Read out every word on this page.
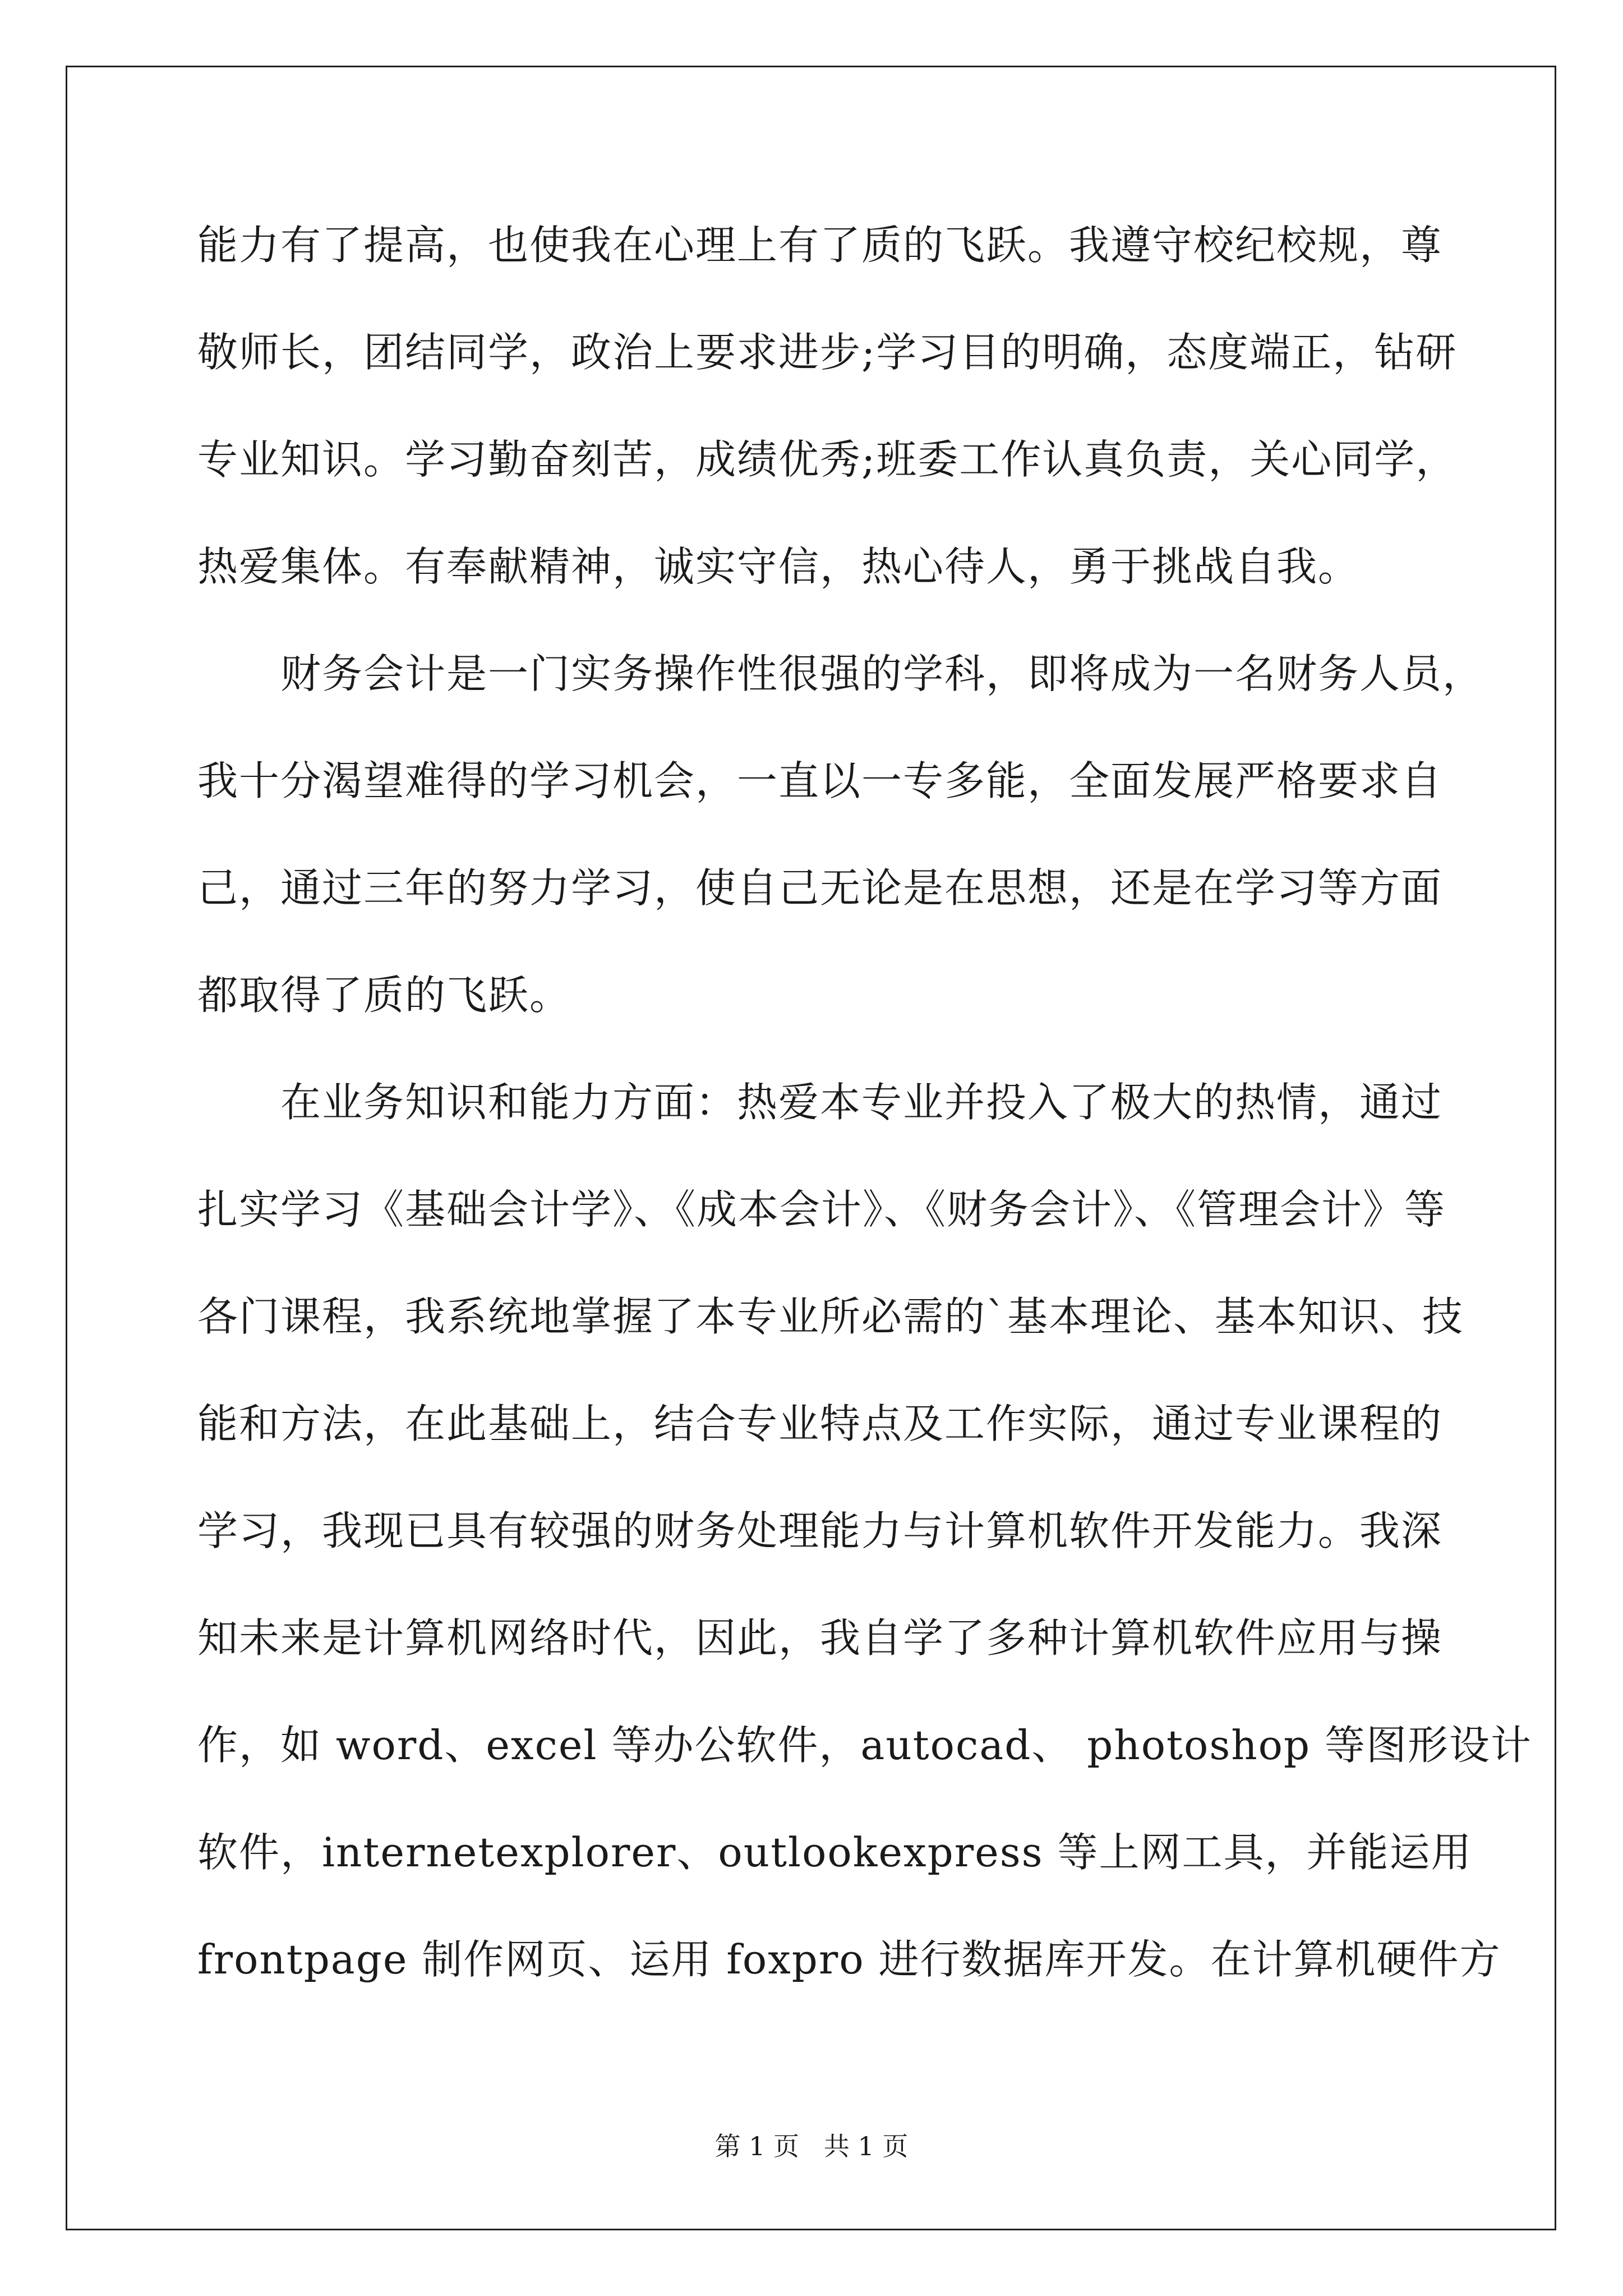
能力有了提高，也使我在心理上有了质的飞跃。我遵守校纪校规，尊
敬师长，团结同学，政治上要求进步;学习目的明确，态度端正，钻研
专业知识。学习勤奋刻苦，成绩优秀;班委工作认真负责，关心同学，
热爱集体。有奉献精神，诚实守信，热心待人，勇于挑战自我。
财务会计是一门实务操作性很强的学科，即将成为一名财务人员，
我十分渴望难得的学习机会，一直以一专多能，全面发展严格要求自
己，通过三年的努力学习，使自己无论是在思想，还是在学习等方面
都取得了质的飞跃。
在业务知识和能力方面：热爱本专业并投入了极大的热情，通过
扎实学习《基础会计学》、《成本会计》、《财务会计》、《管理会计》等
各门课程，我系统地掌握了本专业所必需的`基本理论、基本知识、技
能和方法，在此基础上，结合专业特点及工作实际，通过专业课程的
学习，我现已具有较强的财务处理能力与计算机软件开发能力。我深
知未来是计算机网络时代，因此，我自学了多种计算机软件应用与操
作，如 word、excel 等办公软件，autocad、 photoshop 等图形设计
软件，internetexplorer、outlookexpress 等上网工具，并能运用
frontpage 制作网页、运用 foxpro 进行数据库开发。在计算机硬件方
第 1 页   共 1 页
